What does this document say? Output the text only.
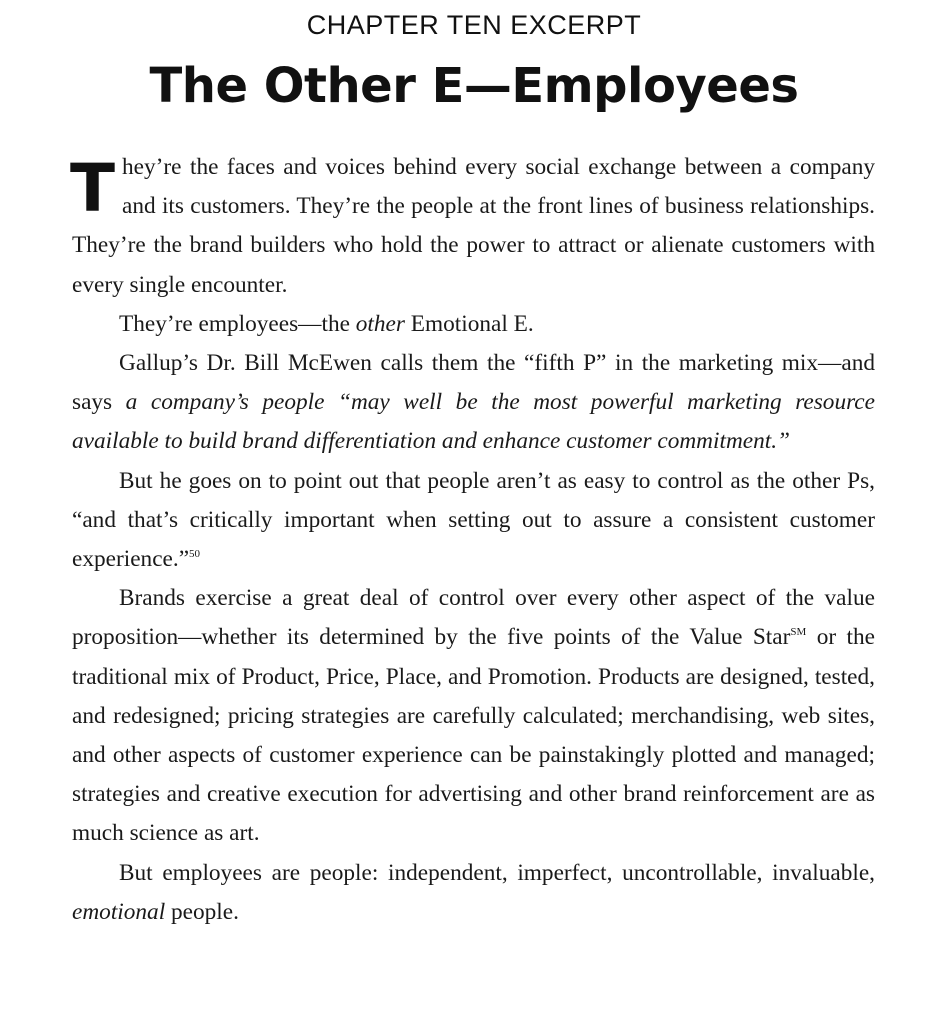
CHAPTER TEN EXCERPT
The Other E—Employees

They’re the faces and voices behind every social exchange between a company and its customers. They’re the people at the front lines of business relationships. They’re the brand builders who hold the power to attract or alienate customers with every single encounter.

They’re employees—the other Emotional E.

Gallup’s Dr. Bill McEwen calls them the “fifth P” in the marketing mix—and says a company’s people “may well be the most powerful marketing resource available to build brand differentiation and enhance customer commitment.”

But he goes on to point out that people aren’t as easy to control as the other Ps, “and that’s critically important when setting out to assure a consistent customer experience.”$^{50}$

Brands exercise a great deal of control over every other aspect of the value proposition—whether its determined by the five points of the Value Star℠ or the traditional mix of Product, Price, Place, and Promotion. Products are designed, tested, and redesigned; pricing strategies are carefully calculated; merchandising, web sites, and other aspects of customer experience can be painstakingly plotted and managed; strategies and creative execution for advertising and other brand reinforcement are as much science as art.

But employees are people: independent, imperfect, uncontrollable, invaluable, emotional people.
